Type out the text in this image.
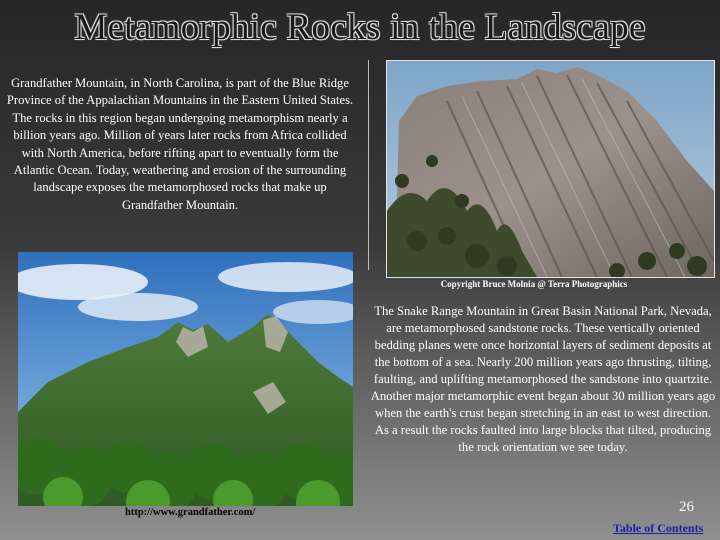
Metamorphic Rocks in the Landscape
Grandfather Mountain, in North Carolina, is part of the Blue Ridge Province of the Appalachian Mountains in the Eastern United States. The rocks in this region began undergoing metamorphism nearly a billion years ago. Million of years later rocks from Africa collided with North America, before rifting apart to eventually form the Atlantic Ocean. Today, weathering and erosion of the surrounding landscape exposes the metamorphosed rocks that make up Grandfather Mountain.
Copyright Bruce Molnia @ Terra Photographics
The Snake Range Mountain in Great Basin National Park, Nevada, are metamorphosed sandstone rocks. These vertically oriented bedding planes were once horizontal layers of sediment deposits at the bottom of a sea. Nearly 200 million years ago thrusting, tilting, faulting, and uplifting metamorphosed the sandstone into quartzite. Another major metamorphic event began about 30 million years ago when the earth's crust began stretching in an east to west direction. As a result the rocks faulted into large blocks that tilted, producing the rock orientation we see today.
http://www.grandfather.com/	26
Table of Contents
